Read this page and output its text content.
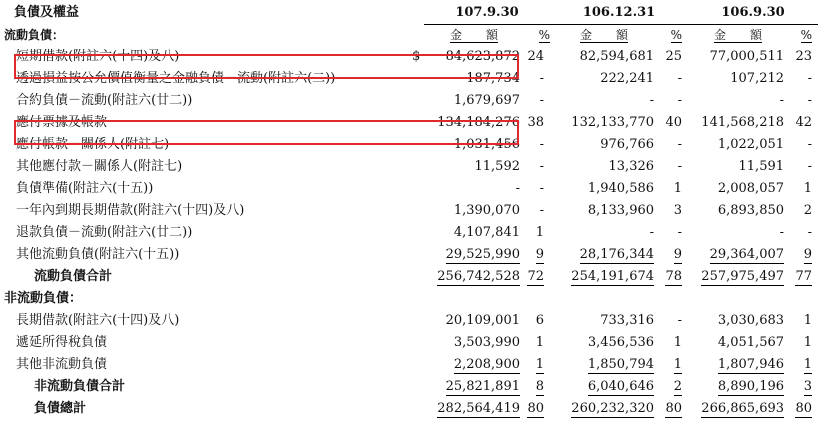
負債及權益		107.9.30		106.12.31		106.9.30	
流動負債：		金　　額	%	金　　額	%	金　　額	%
短期借款(附註六(十四)及八)	$	84,623,872	24	82,594,681	25	77,000,511	23
透過損益按公允價值衡量之金融負債－流動(附註六(二))		187,734	-	222,241	-	107,212	-
合約負債－流動(附註六(廿二))		1,679,697	-	-	-	-	-
應付票據及帳款		134,184,276	38	132,133,770	40	141,568,218	42
應付帳款－關係人(附註七)		1,031,456	-	976,766	-	1,022,051	-
其他應付款－關係人(附註七)		11,592	-	13,326	-	11,591	-
負債準備(附註六(十五))		-	-	1,940,586	1	2,008,057	1
一年內到期長期借款(附註六(十四)及八)		1,390,070	-	8,133,960	3	6,893,850	2
退款負債－流動(附註六(廿二))		4,107,841	1	-	-	-	-
其他流動負債(附註六(十五))		29,525,990	9	28,176,344	9	29,364,007	9
流動負債合計		256,742,528	72	254,191,674	78	257,975,497	77
非流動負債：							
長期借款(附註六(十四)及八)		20,109,001	6	733,316	-	3,030,683	1
遞延所得稅負債		3,503,990	1	3,456,536	1	4,051,567	1
其他非流動負債		2,208,900	1	1,850,794	1	1,807,946	1
非流動負債合計		25,821,891	8	6,040,646	2	8,890,196	3
負債總計		282,564,419	80	260,232,320	80	266,865,693	80
